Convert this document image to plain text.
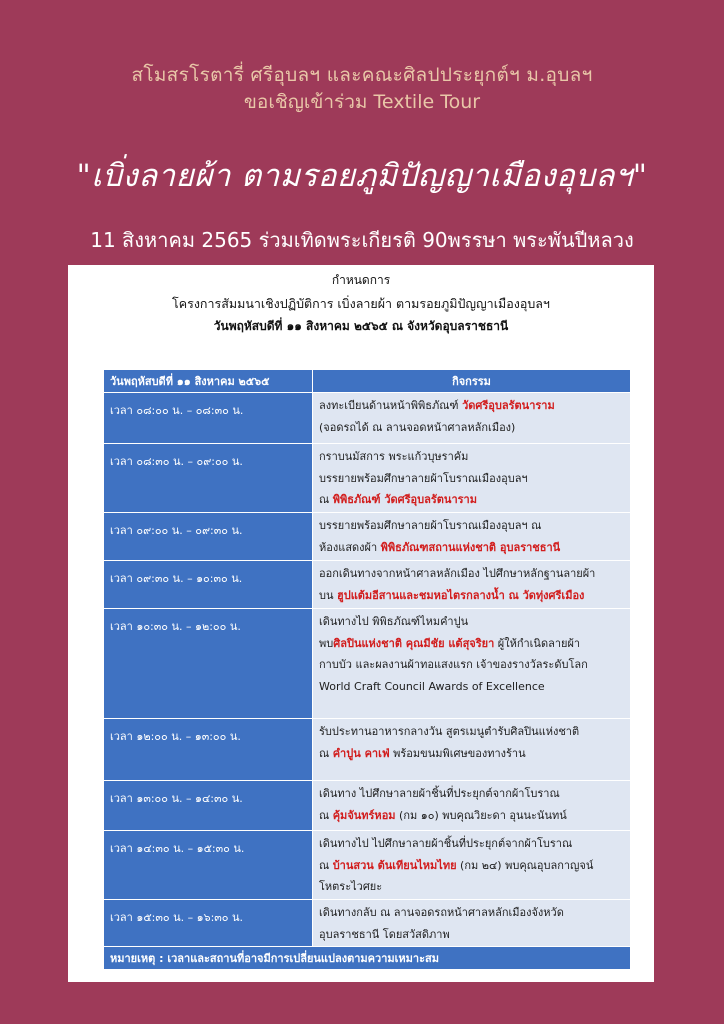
สโมสรโรตารี่ ศรีอุบลฯ และคณะศิลปประยุกต์ฯ ม.อุบลฯ
ขอเชิญเข้าร่วม Textile Tour
"เบิ่งลายผ้า ตามรอยภูมิปัญญาเมืองอุบลฯ"
11 สิงหาคม 2565 ร่วมเทิดพระเกียรติ 90พรรษา พระพันปีหลวง
กำหนดการ
โครงการสัมมนาเชิงปฏิบัติการ เบิ่งลายผ้า ตามรอยภูมิปัญญาเมืองอุบลฯ
วันพฤหัสบดีที่ ๑๑ สิงหาคม ๒๕๖๕ ณ จังหวัดอุบลราชธานี
วันพฤหัสบดีที่ ๑๑ สิงหาคม ๒๕๖๕	กิจกรรม
เวลา ๐๘:๐๐ น. – ๐๘:๓๐ น.	ลงทะเบียนด้านหน้าพิพิธภัณฑ์ วัดศรีอุบลรัตนาราม
(จอดรถได้ ณ ลานจอดหน้าศาลหลักเมือง)

เวลา ๐๘:๓๐ น. – ๐๙:๐๐ น.	กราบนมัสการ พระแก้วบุษราคัม
บรรยายพร้อมศึกษาลายผ้าโบราณเมืองอุบลฯ
ณ พิพิธภัณฑ์ วัดศรีอุบลรัตนาราม

เวลา ๐๙:๐๐ น. – ๐๙:๓๐ น.	บรรยายพร้อมศึกษาลายผ้าโบราณเมืองอุบลฯ ณ
ห้องแสดงผ้า พิพิธภัณฑสถานแห่งชาติ อุบลราชธานี

เวลา ๐๙:๓๐ น. – ๑๐:๓๐ น.	ออกเดินทางจากหน้าศาลหลักเมือง ไปศึกษาหลักฐานลายผ้า
บน ฮูปแต้มอีสานและชมหอไตรกลางน้ำ ณ วัดทุ่งศรีเมือง

เวลา ๑๐:๓๐ น. – ๑๒:๐๐ น.	เดินทางไป พิพิธภัณฑ์ไหมคำปูน
พบศิลปินแห่งชาติ คุณมีชัย แต้สุจริยา ผู้ให้กำเนิดลายผ้า
กาบบัว และผลงานผ้าทอแสงแรก เจ้าของรางวัลระดับโลก
World Craft Council Awards of Excellence

เวลา ๑๒:๐๐ น. – ๑๓:๐๐ น.	รับประทานอาหารกลางวัน สูตรเมนูตำรับศิลปินแห่งชาติ
ณ คำปูน คาเฟ่ พร้อมขนมพิเศษของทางร้าน

เวลา ๑๓:๐๐ น. – ๑๔:๓๐ น.	เดินทาง ไปศึกษาลายผ้าชิ้นที่ประยุกต์จากผ้าโบราณ
ณ คุ้มจันทร์หอม (กม ๑๐) พบคุณวิยะดา อุนนะนันทน์

เวลา ๑๔:๓๐ น. – ๑๕:๓๐ น.	เดินทางไป ไปศึกษาลายผ้าชิ้นที่ประยุกต์จากผ้าโบราณ
ณ บ้านสวน ต้นเทียนไหมไทย (กม ๒๔) พบคุณอุบลกาญจน์
โหตระไวศยะ

เวลา ๑๕:๓๐ น. – ๑๖:๓๐ น.	เดินทางกลับ ณ ลานจอดรถหน้าศาลหลักเมืองจังหวัด
อุบลราชธานี โดยสวัสดิภาพ

หมายเหตุ : เวลาและสถานที่อาจมีการเปลี่ยนแปลงตามความเหมาะสม	
